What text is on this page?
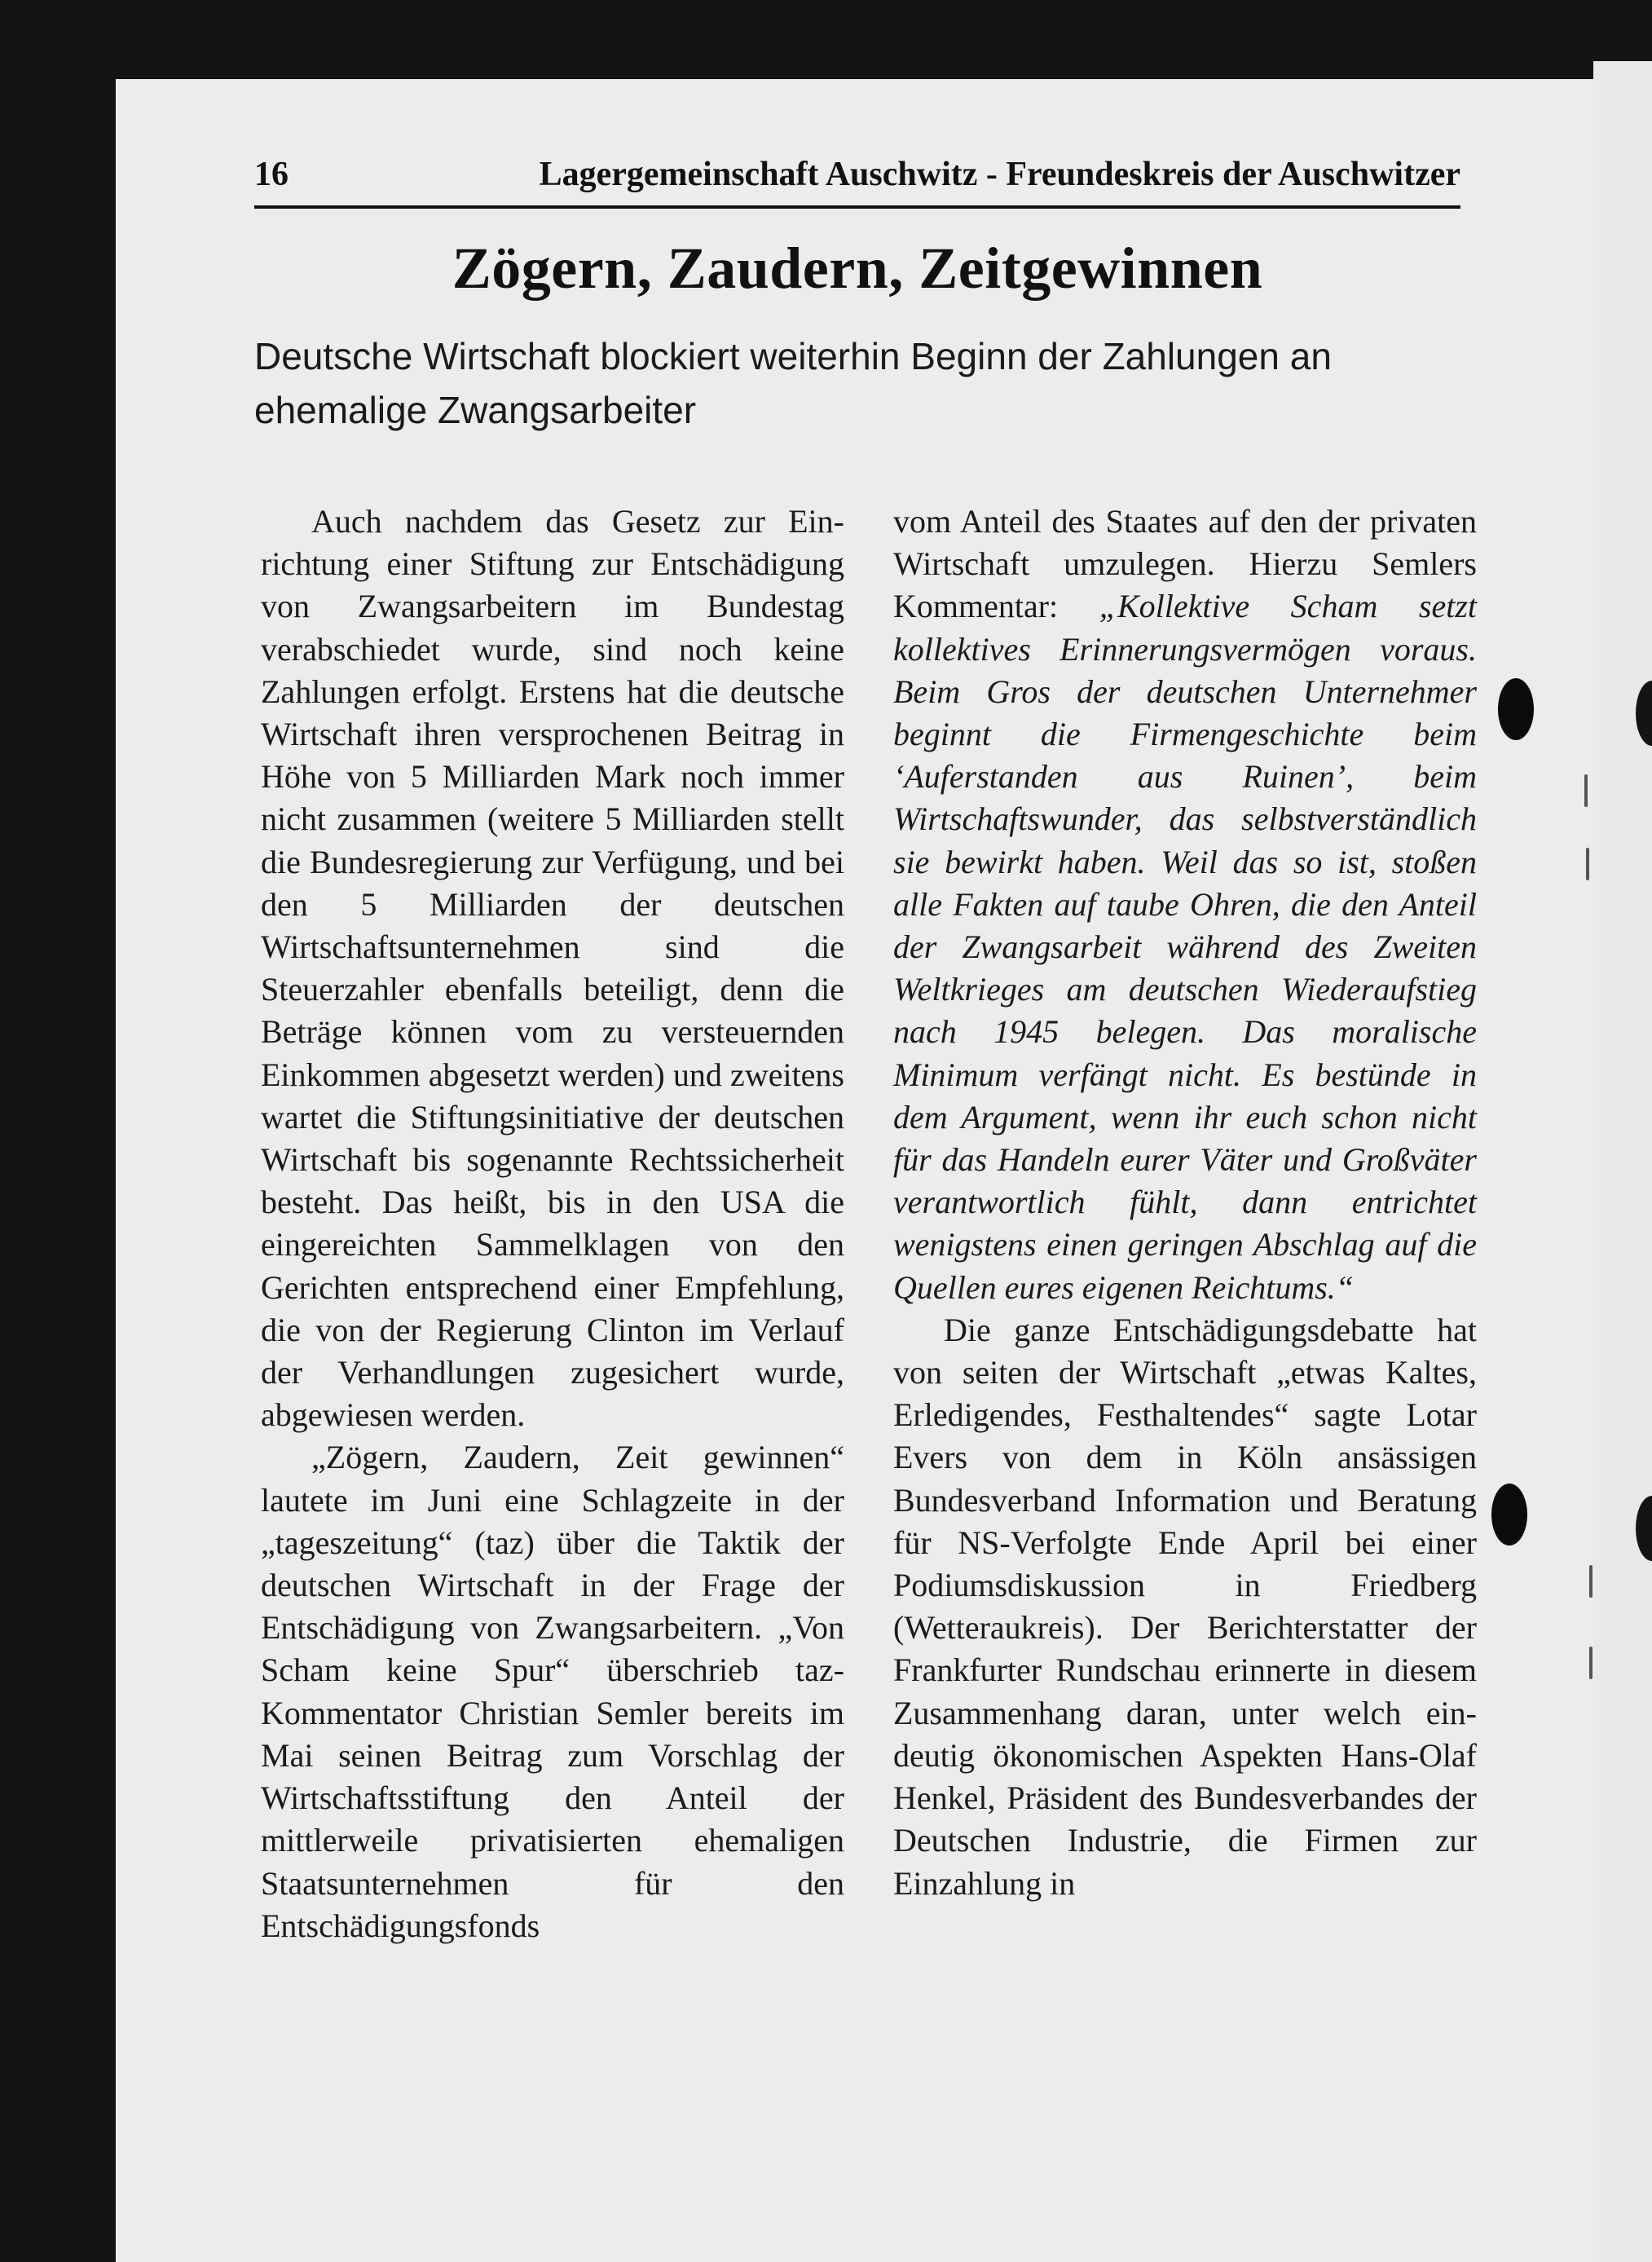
16	Lagergemeinschaft Auschwitz - Freundeskreis der Auschwitzer
Zögern, Zaudern, Zeitgewinnen
Deutsche Wirtschaft blockiert weiterhin Beginn der Zahlungen an ehemalige Zwangsarbeiter

Auch nachdem das Gesetz zur Einrichtung einer Stiftung zur Entschädigung von Zwangsarbeitern im Bundestag verabschiedet wurde, sind noch keine Zahlungen erfolgt. Erstens hat die deutsche Wirtschaft ihren versprochenen Beitrag in Höhe von 5 Milliarden Mark noch immer nicht zusammen (weitere 5 Milliarden stellt die Bundesregierung zur Verfügung, und bei den 5 Milliarden der deutschen Wirtschaftsunternehmen sind die Steuerzahler ebenfalls beteiligt, denn die Beträge können vom zu versteuernden Einkommen abgesetzt werden) und zweitens wartet die Stiftungsinitiative der deutschen Wirtschaft bis sogenannte Rechtssicherheit besteht. Das heißt, bis in den USA die eingereichten Sammelklagen von den Gerichten entsprechend einer Empfehlung, die von der Regierung Clinton im Verlauf der Verhandlungen zugesichert wurde, abgewiesen werden.

„Zögern, Zaudern, Zeit gewinnen“ lautete im Juni eine Schlagzeite in der „tageszeitung“ (taz) über die Taktik der deutschen Wirtschaft in der Frage der Entschädigung von Zwangsarbeitern. „Von Scham keine Spur“ überschrieb taz-Kommentator Christian Semler bereits im Mai seinen Beitrag zum Vorschlag der Wirtschaftsstiftung den Anteil der mittlerweile privatisierten ehemaligen Staatsunternehmen für den Entschädigungsfonds

vom Anteil des Staates auf den der privaten Wirtschaft umzulegen. Hierzu Semlers Kommentar: „Kollektive Scham setzt kollektives Erinnerungsvermögen voraus. Beim Gros der deutschen Unternehmer beginnt die Firmengeschichte beim ‘Auferstanden aus Ruinen’, beim Wirtschaftswunder, das selbstverständlich sie bewirkt haben. Weil das so ist, stoßen alle Fakten auf taube Ohren, die den Anteil der Zwangsarbeit während des Zweiten Weltkrieges am deutschen Wiederaufstieg nach 1945 belegen. Das moralische Minimum verfängt nicht. Es bestünde in dem Argument, wenn ihr euch schon nicht für das Handeln eurer Väter und Großväter verantwortlich fühlt, dann entrichtet wenigstens einen geringen Abschlag auf die Quellen eures eigenen Reichtums.“

Die ganze Entschädigungsdebatte hat von seiten der Wirtschaft „etwas Kaltes, Erledigendes, Festhaltendes“ sagte Lotar Evers von dem in Köln ansässigen Bundesverband Information und Beratung für NS-Verfolgte Ende April bei einer Podiumsdiskussion in Friedberg (Wetteraukreis). Der Berichterstatter der Frankfurter Rundschau erinnerte in diesem Zusammenhang daran, unter welch eindeutig ökonomischen Aspekten Hans-Olaf Henkel, Präsident des Bundesverbandes der Deutschen Industrie, die Firmen zur Einzahlung in
